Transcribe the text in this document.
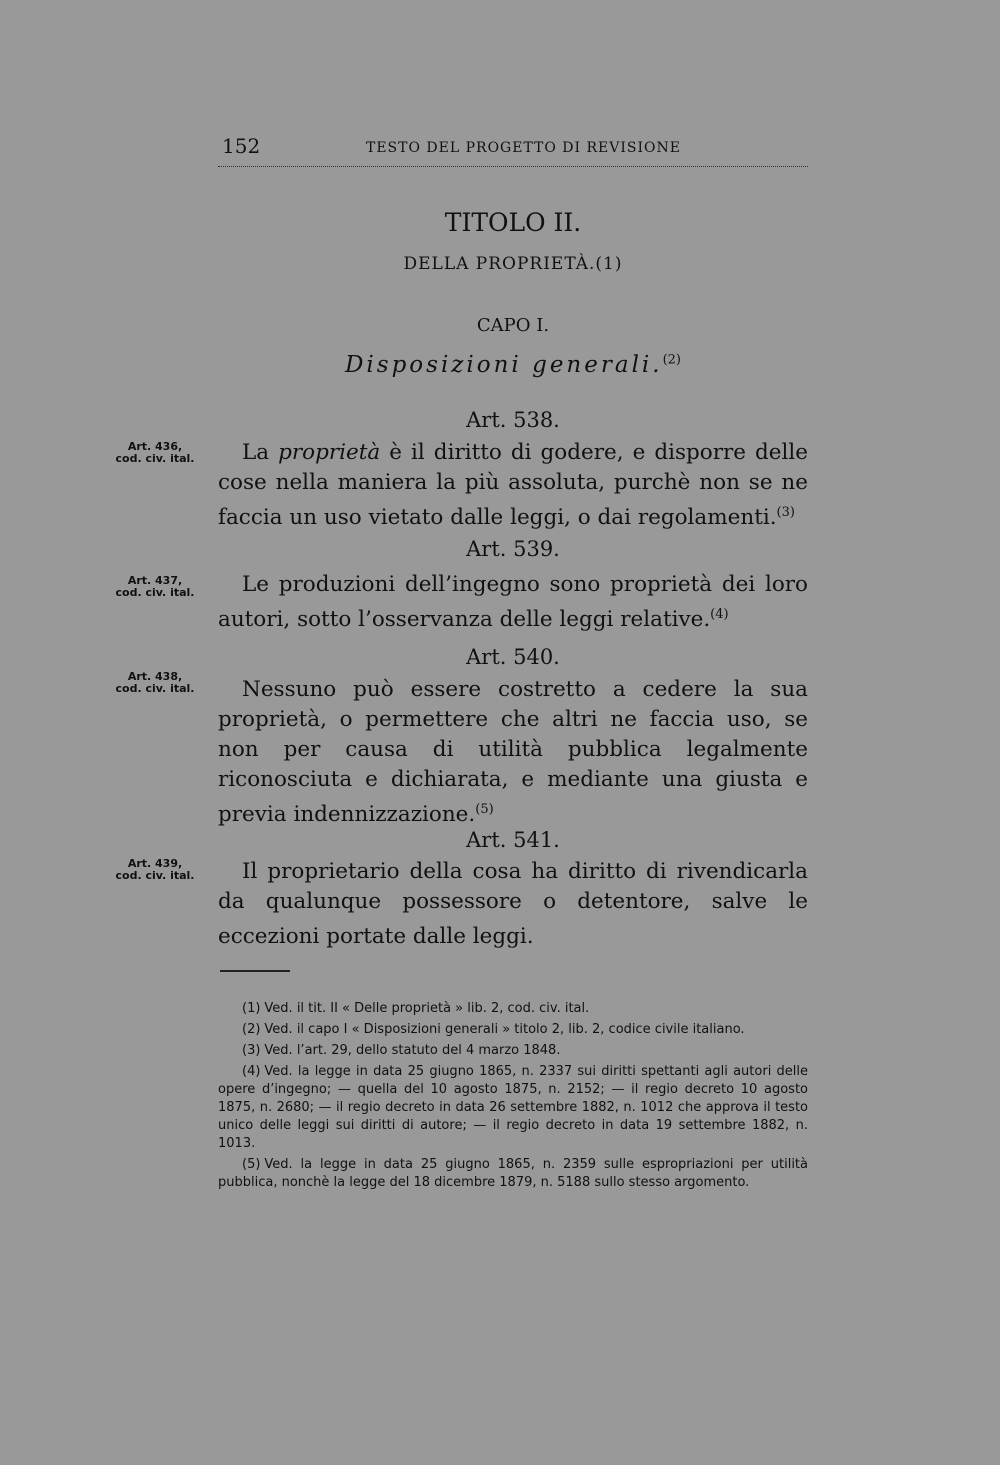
152	TESTO DEL PROGETTO DI REVISIONE
TITOLO II.
DELLA PROPRIETÀ.(1)
CAPO I.
Disposizioni generali.$^{(2)}$
Art. 538.
Art. 436,
cod. civ. ital.	La proprietà è il diritto di godere, e disporre delle cose nella maniera la più assoluta, purchè non se ne faccia un uso vietato dalle leggi, o dai regolamenti.$^{(3)}$
Art. 539.
Art. 437,
cod. civ. ital.	Le produzioni dell’ingegno sono proprietà dei loro autori, sotto l’osservanza delle leggi relative.$^{(4)}$
Art. 540.
Art. 438,
cod. civ. ital.	Nessuno può essere costretto a cedere la sua proprietà, o permettere che altri ne faccia uso, se non per causa di utilità pubblica legalmente riconosciuta e dichiarata, e mediante una giusta e previa indennizzazione.$^{(5)}$
Art. 541.
Art. 439,
cod. civ. ital.	Il proprietario della cosa ha diritto di rivendicarla da qualunque possessore o detentore, salve le eccezioni portate dalle leggi.

(1) Ved. il tit. II « Delle proprietà » lib. 2, cod. civ. ital.

(2) Ved. il capo I « Disposizioni generali » titolo 2, lib. 2, codice civile italiano.

(3) Ved. l’art. 29, dello statuto del 4 marzo 1848.

(4) Ved. la legge in data 25 giugno 1865, n. 2337 sui diritti spettanti agli autori delle opere d’ingegno; — quella del 10 agosto 1875, n. 2152; — il regio decreto 10 agosto 1875, n. 2680; — il regio decreto in data 26 settembre 1882, n. 1012 che approva il testo unico delle leggi sui diritti di autore; — il regio decreto in data 19 settembre 1882, n. 1013.

(5) Ved. la legge in data 25 giugno 1865, n. 2359 sulle espropriazioni per utilità pubblica, nonchè la legge del 18 dicembre 1879, n. 5188 sullo stesso argomento.
